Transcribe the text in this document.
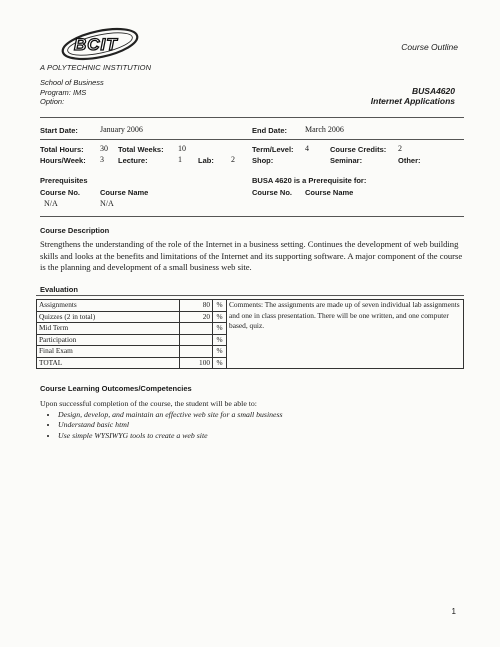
BCIT
A POLYTECHNIC INSTITUTION
Course Outline
School of Business
Program: IMS
Option:
BUSA4620
Internet Applications
Start Date:	January 2006	End Date: March 2006
Total Hours: 30 Total Weeks: 10	Term/Level: 4	Course Credits: 2
Hours/Week: 3 Lecture:	1 Lab: 2 Shop:	Seminar:	Other:
Prerequisites
Course No.	Course Name
N/A	N/A
BUSA 4620 is a Prerequisite for:
Course No. Course Name
Course Description
Strengthens the understanding of the role of the Internet in a business setting. Continues the development of web building skills and looks at the benefits and limitations of the Internet and its supporting software. A major component of the course is the planning and development of a small business web site.
Evaluation
Assignments	80	%	Comments: The assignments are made up of seven individual lab assignments and one in class presentation. There will be one written, and one computer based, quiz.
Quizzes (2 in total)	20	%	
Mid Term		%	
Participation		%	
Final Exam		%	
TOTAL	100	%	
Course Learning Outcomes/Competencies
Upon successful completion of the course, the student will be able to:
• Design, develop, and maintain an effective web site for a small business
• Understand basic html
• Use simple WYSIWYG tools to create a web site
1
